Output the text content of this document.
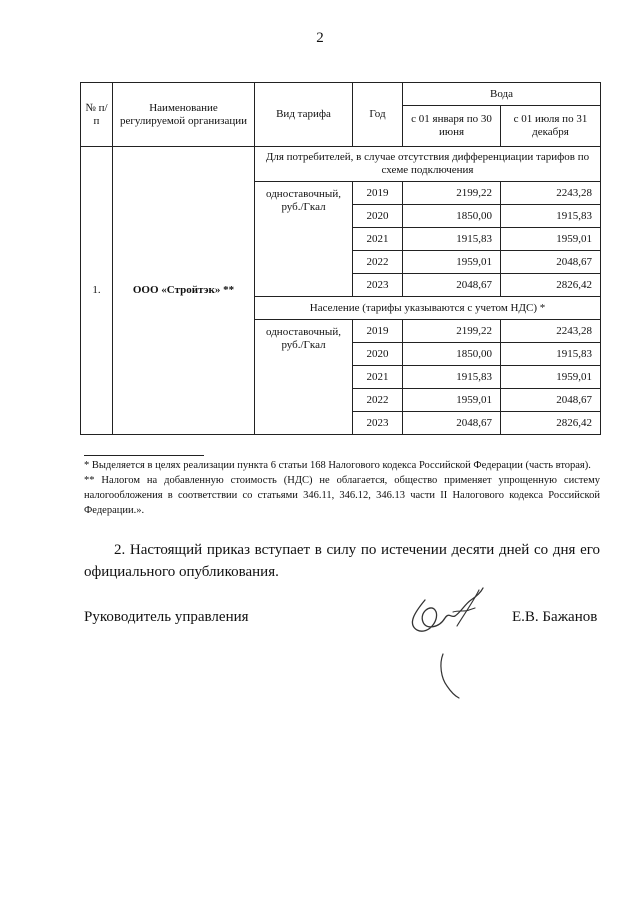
2
№ п/п	Наименование регулируемой организации	Вид тарифа	Год	Вода	
				с 01 января по 30 июня	с 01 июля по 31 декабря
1.	ООО «Стройтэк» **	Для потребителей, в случае отсутствия дифференциации тарифов по схеме подключения			
		одноставочный, руб./Гкал	2019	2199,22	2243,28
			2020	1850,00	1915,83
			2021	1915,83	1959,01
			2022	1959,01	2048,67
			2023	2048,67	2826,42
		Население (тарифы указываются с учетом НДС) *			
		одноставочный, руб./Гкал	2019	2199,22	2243,28
			2020	1850,00	1915,83
			2021	1915,83	1959,01
			2022	1959,01	2048,67
			2023	2048,67	2826,42

* Выделяется в целях реализации пункта 6 статьи 168 Налогового кодекса Российской Федерации (часть вторая).

** Налогом на добавленную стоимость (НДС) не облагается, общество применяет упрощенную систему налогообложения в соответствии со статьями 346.11, 346.12, 346.13 части II Налогового кодекса Российской Федерации.».

2. Настоящий приказ вступает в силу по истечении десяти дней со дня его официального опубликования.
Руководитель управления	Е.В. Бажанов
